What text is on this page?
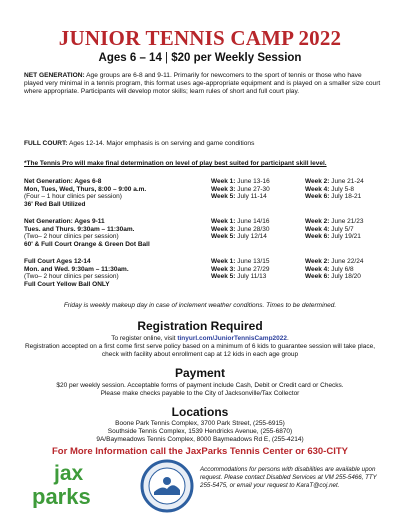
JUNIOR TENNIS CAMP 2022
Ages 6 – 14 | $20 per Weekly Session
NET GENERATION: Age groups are 6-8 and 9-11. Primarily for newcomers to the sport of tennis or those who have played very minimal in a tennis program, this format uses age-appropriate equipment and is played on a smaller size court where appropriate. Participants will develop motor skills; learn rules of short and full court play.
FULL COURT: Ages 12-14. Major emphasis is on serving and game conditions
*The Tennis Pro will make final determination on level of play best suited for participant skill level.
Net Generation: Ages 6-8
Mon, Tues, Wed, Thurs, 8:00 – 9:00 a.m.
(Four – 1 hour clinics per session)
36' Red Ball Utilized
Week 1: June 13-16
Week 3: June 27-30
Week 5: July 11-14
Week 2: June 21-24
Week 4: July 5-8
Week 6: July 18-21
Net Generation: Ages 9-11
Tues. and Thurs. 9:30am – 11:30am.
(Two– 2 hour clinics per session)
60' & Full Court Orange & Green Dot Ball
Week 1: June 14/16
Week 3: June 28/30
Week 5: July 12/14
Week 2: June 21/23
Week 4: July 5/7
Week 6: July 19/21
Full Court Ages 12-14
Mon. and Wed. 9:30am – 11:30am.
(Two– 2 hour clinics per session)
Full Court Yellow Ball ONLY
Week 1: June 13/15
Week 3: June 27/29
Week 5: July 11/13
Week 2: June 22/24
Week 4: July 6/8
Week 6: July 18/20
Friday is weekly makeup day in case of inclement weather conditions. Times to be determined.
Registration Required
To register online, visit tinyurl.com/JuniorTennisCamp2022.
Registration accepted on a first come first serve policy based on a minimum of 6 kids to guarantee session will take place, check with facility about enrollment cap at 12 kids in each age group
Payment
$20 per weekly session. Acceptable forms of payment include Cash, Debit or Credit card or Checks.
Please make checks payable to the City of Jacksonville/Tax Collector
Locations
Boone Park Tennis Complex, 3700 Park Street, (255-6915)
Southside Tennis Complex, 1539 Hendricks Avenue, (255-6870)
9A/Baymeadows Tennis Complex, 8000 Baymeadows Rd E, (255-4214)
For More Information call the JaxParks Tennis Center or 630-CITY
jax
parks
Accommodations for persons with disabilities are available upon request. Please contact Disabled Services at VM 255-5466, TTY 255-5475, or email your request to KaraT@coj.net.
